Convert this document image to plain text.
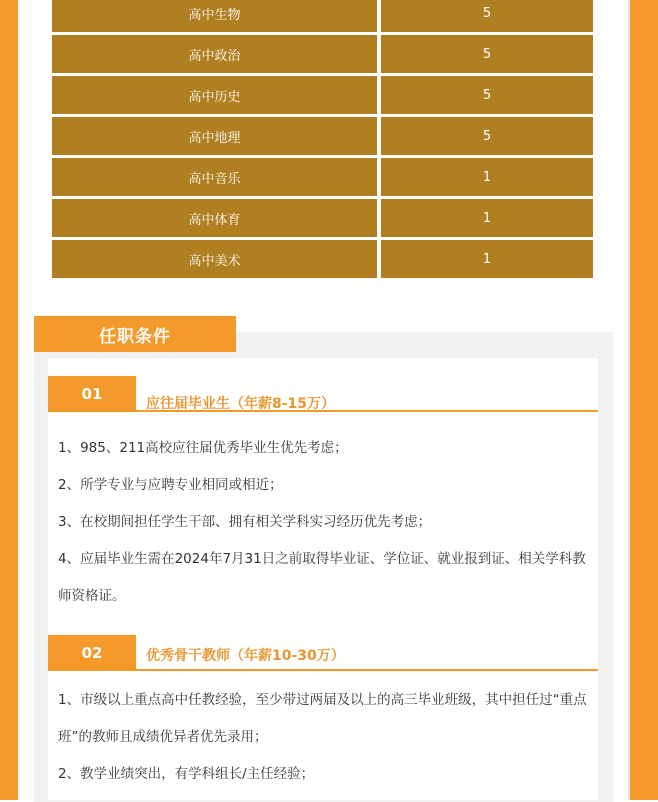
高中生物	5
高中政治	5
高中历史	5
高中地理	5
高中音乐	1
高中体育	1
高中美术	1
任职条件
01
应往届毕业生（年薪8-15万）
1、985、211高校应往届优秀毕业生优先考虑；
2、所学专业与应聘专业相同或相近；
3、在校期间担任学生干部、拥有相关学科实习经历优先考虑；
4、应届毕业生需在2024年7月31日之前取得毕业证、学位证、就业报到证、相关学科教师资格证。
02	优秀骨干教师（年薪10-30万）
1、市级以上重点高中任教经验，至少带过两届及以上的高三毕业班级，其中担任过“重点班”的教师且成绩优异者优先录用；
2、教学业绩突出，有学科组长/主任经验；
